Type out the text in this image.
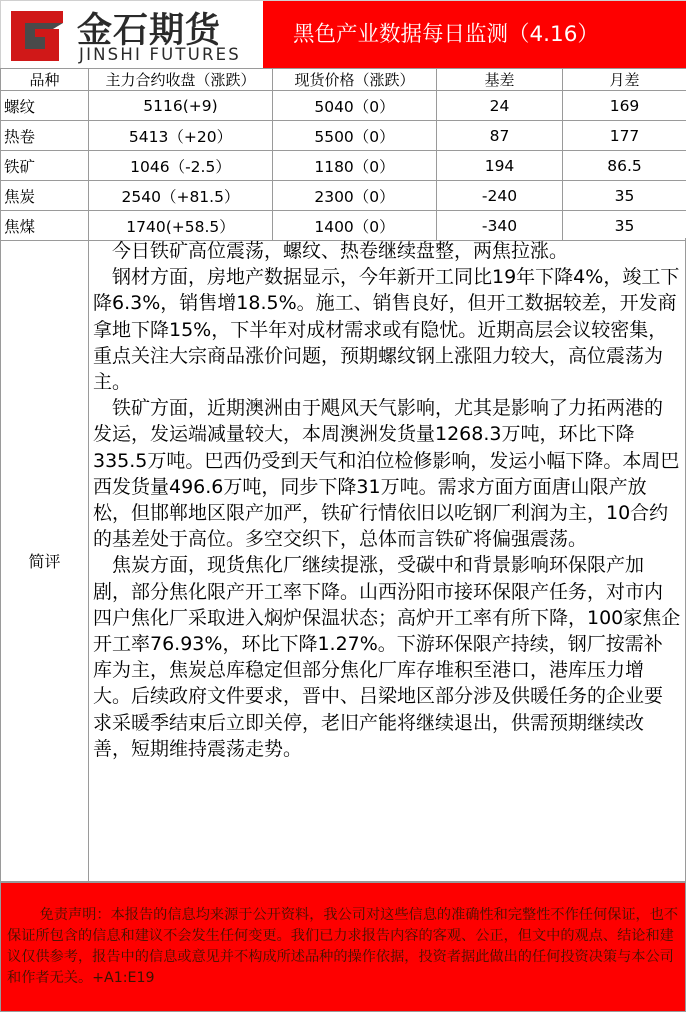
金石期货
JINSHI FUTURES
黑色产业数据每日监测（4.16）
品种	主力合约收盘（涨跌）	现货价格（涨跌）	基差	月差
螺纹	5116(+9)	5040（0）	24	169
热卷	5413（+20）	5500（0）	87	177
铁矿	1046（-2.5）	1180（0）	194	86.5
焦炭	2540（+81.5）	2300（0）	-240	35
焦煤	1740(+58.5）	1400（0）	-340	35
简评

今日铁矿高位震荡，螺纹、热卷继续盘整，两焦拉涨。

钢材方面，房地产数据显示，今年新开工同比19年下降4%，竣工下降6.3%，销售增18.5%。施工、销售良好，但开工数据较差，开发商拿地下降15%，下半年对成材需求或有隐忧。近期高层会议较密集，重点关注大宗商品涨价问题，预期螺纹钢上涨阻力较大，高位震荡为主。

铁矿方面，近期澳洲由于飓风天气影响，尤其是影响了力拓两港的发运，发运端减量较大，本周澳洲发货量1268.3万吨，环比下降335.5万吨。巴西仍受到天气和泊位检修影响，发运小幅下降。本周巴西发货量496.6万吨，同步下降31万吨。需求方面方面唐山限产放松，但邯郸地区限产加严，铁矿行情依旧以吃钢厂利润为主，10合约的基差处于高位。多空交织下，总体而言铁矿将偏强震荡。

焦炭方面，现货焦化厂继续提涨，受碳中和背景影响环保限产加剧，部分焦化限产开工率下降。山西汾阳市接环保限产任务，对市内四户焦化厂采取进入焖炉保温状态；高炉开工率有所下降，100家焦企开工率76.93%，环比下降1.27%。下游环保限产持续，钢厂按需补库为主，焦炭总库稳定但部分焦化厂库存堆积至港口，港库压力增大。后续政府文件要求，晋中、吕梁地区部分涉及供暖任务的企业要求采暖季结束后立即关停，老旧产能将继续退出，供需预期继续改善，短期维持震荡走势。

免责声明：本报告的信息均来源于公开资料，我公司对这些信息的准确性和完整性不作任何保证，也不保证所包含的信息和建议不会发生任何变更。我们已力求报告内容的客观、公正，但文中的观点、结论和建议仅供参考，报告中的信息或意见并不构成所述品种的操作依据，投资者据此做出的任何投资决策与本公司和作者无关。+A1:E19
